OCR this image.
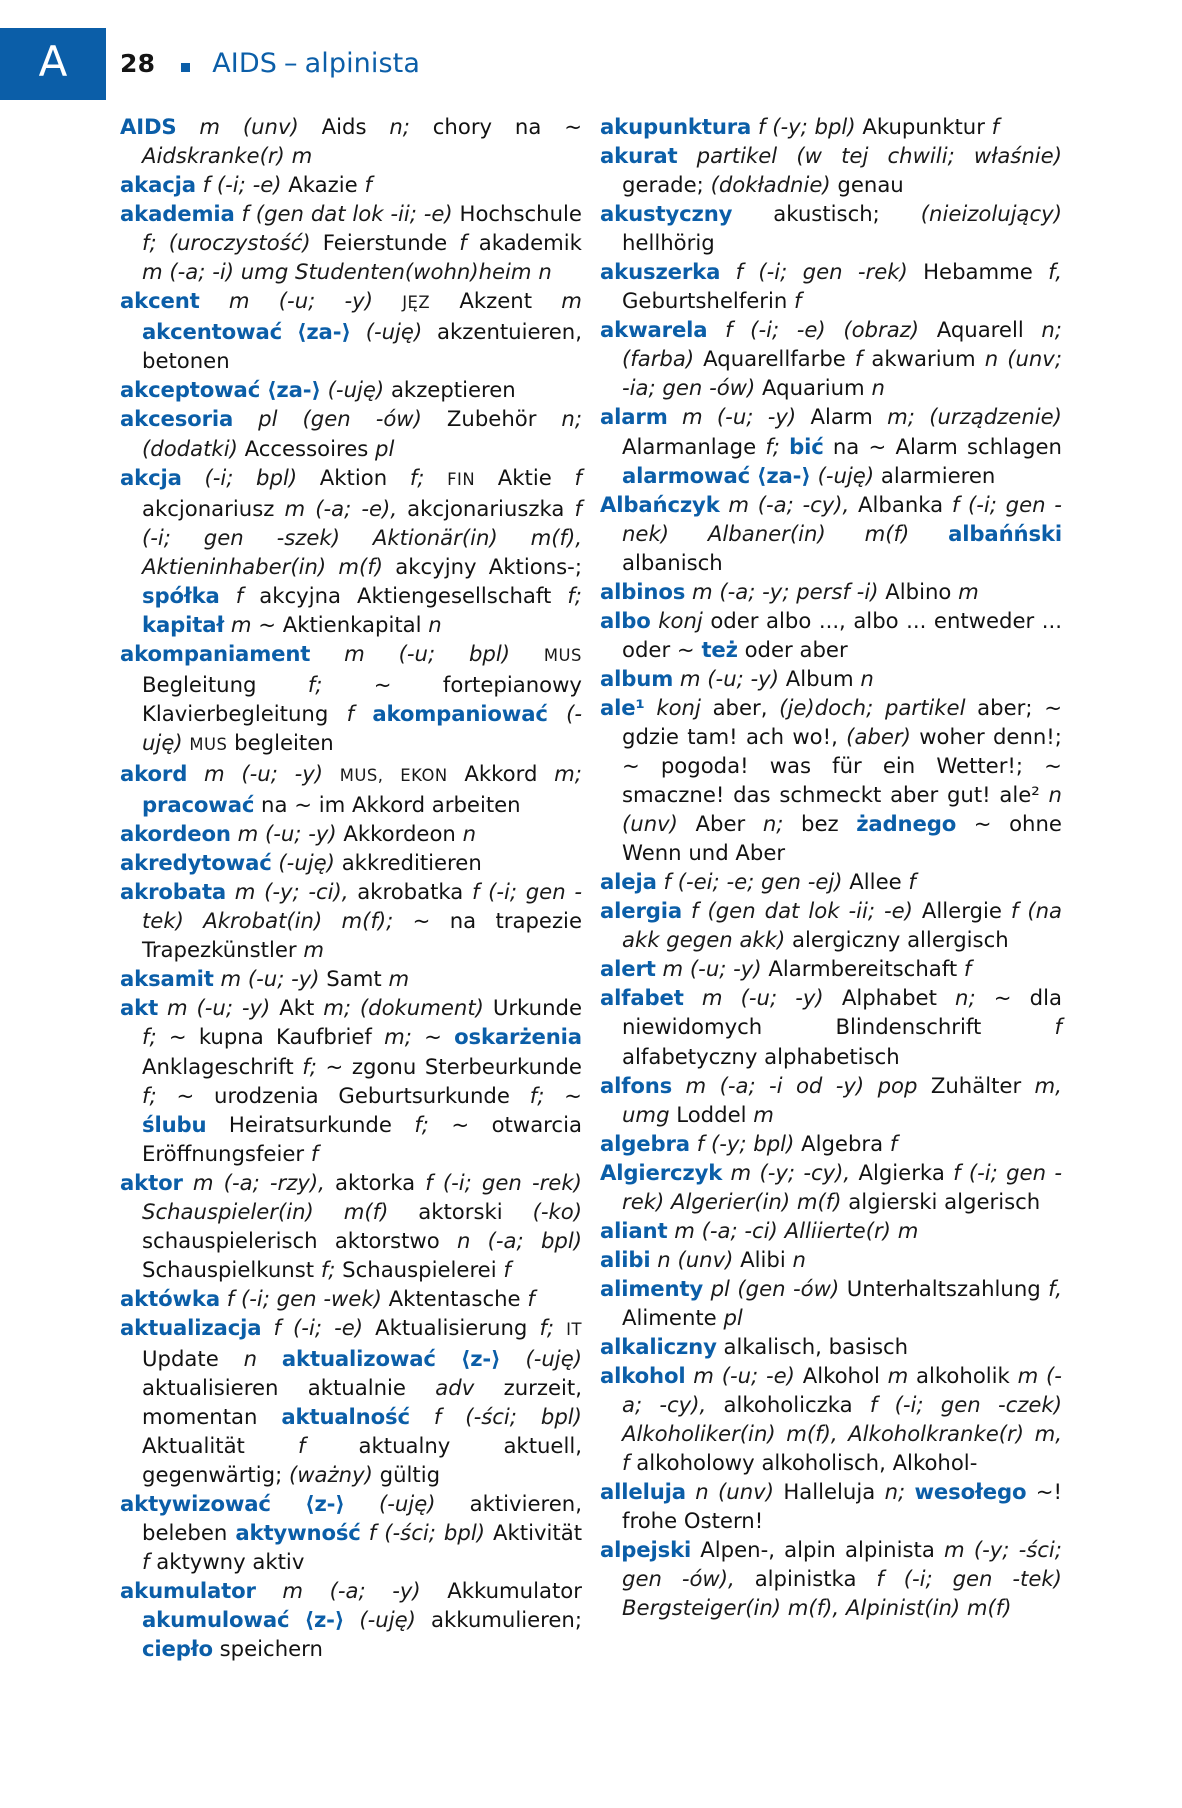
A	28 AIDS – alpinista

AIDS m (unv) Aids n; chory na ~ Aidskranke(r) m

akacja f (-i; -e) Akazie f

akademia f (gen dat lok -ii; -e) Hochschule f; (uroczystość) Feierstunde f akademik m (-a; -i) umg Studenten(wohn)heim n

akcent m (-u; -y) JĘZ Akzent m akcentować ⟨za-⟩ (-uję) akzentuieren, betonen

akceptować ⟨za-⟩ (-uję) akzeptieren

akcesoria pl (gen -ów) Zubehör n; (dodatki) Accessoires pl

akcja (-i; bpl) Aktion f; FIN Aktie f akcjonariusz m (-a; -e), akcjonariuszka f (-i; gen -szek) Aktionär(in) m(f), Aktieninhaber(in) m(f) akcyjny Aktions-; spółka f akcyjna Aktiengesellschaft f; kapitał m ~ Aktienkapital n

akompaniament m (-u; bpl) MUS Begleitung f; ~ fortepianowy Klavierbegleitung f akompaniować (-uję) MUS begleiten

akord m (-u; -y) MUS, EKON Akkord m; pracować na ~ im Akkord arbeiten

akordeon m (-u; -y) Akkordeon n

akredytować (-uję) akkreditieren

akrobata m (-y; -ci), akrobatka f (-i; gen -tek) Akrobat(in) m(f); ~ na trapezie Trapezkünstler m

aksamit m (-u; -y) Samt m

akt m (-u; -y) Akt m; (dokument) Urkunde f; ~ kupna Kaufbrief m; ~ oskarżenia Anklageschrift f; ~ zgonu Sterbeurkunde f; ~ urodzenia Geburtsurkunde f; ~ ślubu Heiratsurkunde f; ~ otwarcia Eröffnungsfeier f

aktor m (-a; -rzy), aktorka f (-i; gen -rek) Schauspieler(in) m(f) aktorski (-ko) schauspielerisch aktorstwo n (-a; bpl) Schauspielkunst f; Schauspielerei f

aktówka f (-i; gen -wek) Aktentasche f

aktualizacja f (-i; -e) Aktualisierung f; IT Update n aktualizować ⟨z-⟩ (-uję) aktualisieren aktualnie adv zurzeit, momentan aktualność f (-ści; bpl) Aktualität	f	aktualny	aktuell, gegenwärtig; (ważny) gültig

aktywizować ⟨z-⟩ (-uję) aktivieren, beleben aktywność f (-ści; bpl) Aktivität f aktywny aktiv

akumulator m (-a; -y) Akkumulator akumulować ⟨z-⟩ (-uję) akkumulieren; ciepło speichern

akupunktura f (-y; bpl) Akupunktur f

akurat partikel (w tej chwili; właśnie) gerade; (dokładnie) genau

akustyczny akustisch; (nieizolujący) hellhörig

akuszerka f (-i; gen -rek) Hebamme f, Geburtshelferin f

akwarela f (-i; -e) (obraz) Aquarell n; (farba) Aquarellfarbe f akwarium n (unv; -ia; gen -ów) Aquarium n

alarm m (-u; -y) Alarm m; (urządzenie) Alarmanlage f; bić na ~ Alarm schlagen alarmować ⟨za-⟩ (-uję) alarmieren

Albańczyk m (-a; -cy), Albanka f (-i; gen -nek) Albaner(in) m(f) albańński albanisch

albinos m (-a; -y; persf -i) Albino m

albo konj oder albo ..., albo ... entweder ... oder ~ też oder aber

album m (-u; -y) Album n

ale¹ konj aber, (je)doch; partikel aber; ~ gdzie tam! ach wo!, (aber) woher denn!; ~ pogoda! was für ein Wetter!; ~ smaczne! das schmeckt aber gut! ale² n (unv) Aber n; bez żadnego ~ ohne Wenn und Aber

aleja f (-ei; -e; gen -ej) Allee f

alergia f (gen dat lok -ii; -e) Allergie f (na akk gegen akk) alergiczny allergisch

alert m (-u; -y) Alarmbereitschaft f

alfabet m (-u; -y) Alphabet n; ~ dla niewidomych	Blindenschrift	f alfabetyczny alphabetisch

alfons m (-a; -i od -y) pop Zuhälter m, umg Loddel m

algebra f (-y; bpl) Algebra f

Algierczyk m (-y; -cy), Algierka f (-i; gen -rek) Algerier(in) m(f) algierski algerisch

aliant m (-a; -ci) Alliierte(r) m

alibi n (unv) Alibi n

alimenty pl (gen -ów) Unterhaltszahlung f, Alimente pl

alkaliczny alkalisch, basisch

alkohol m (-u; -e) Alkohol m alkoholik m (-a; -cy), alkoholiczka f (-i; gen -czek) Alkoholiker(in) m(f), Alkoholkranke(r) m, f alkoholowy alkoholisch, Alkohol-

alleluja n (unv) Halleluja n; wesołego ~! frohe Ostern!

alpejski Alpen-, alpin alpinista m (-y; -ści; gen -ów), alpinistka f (-i; gen -tek) Bergsteiger(in) m(f), Alpinist(in) m(f)
